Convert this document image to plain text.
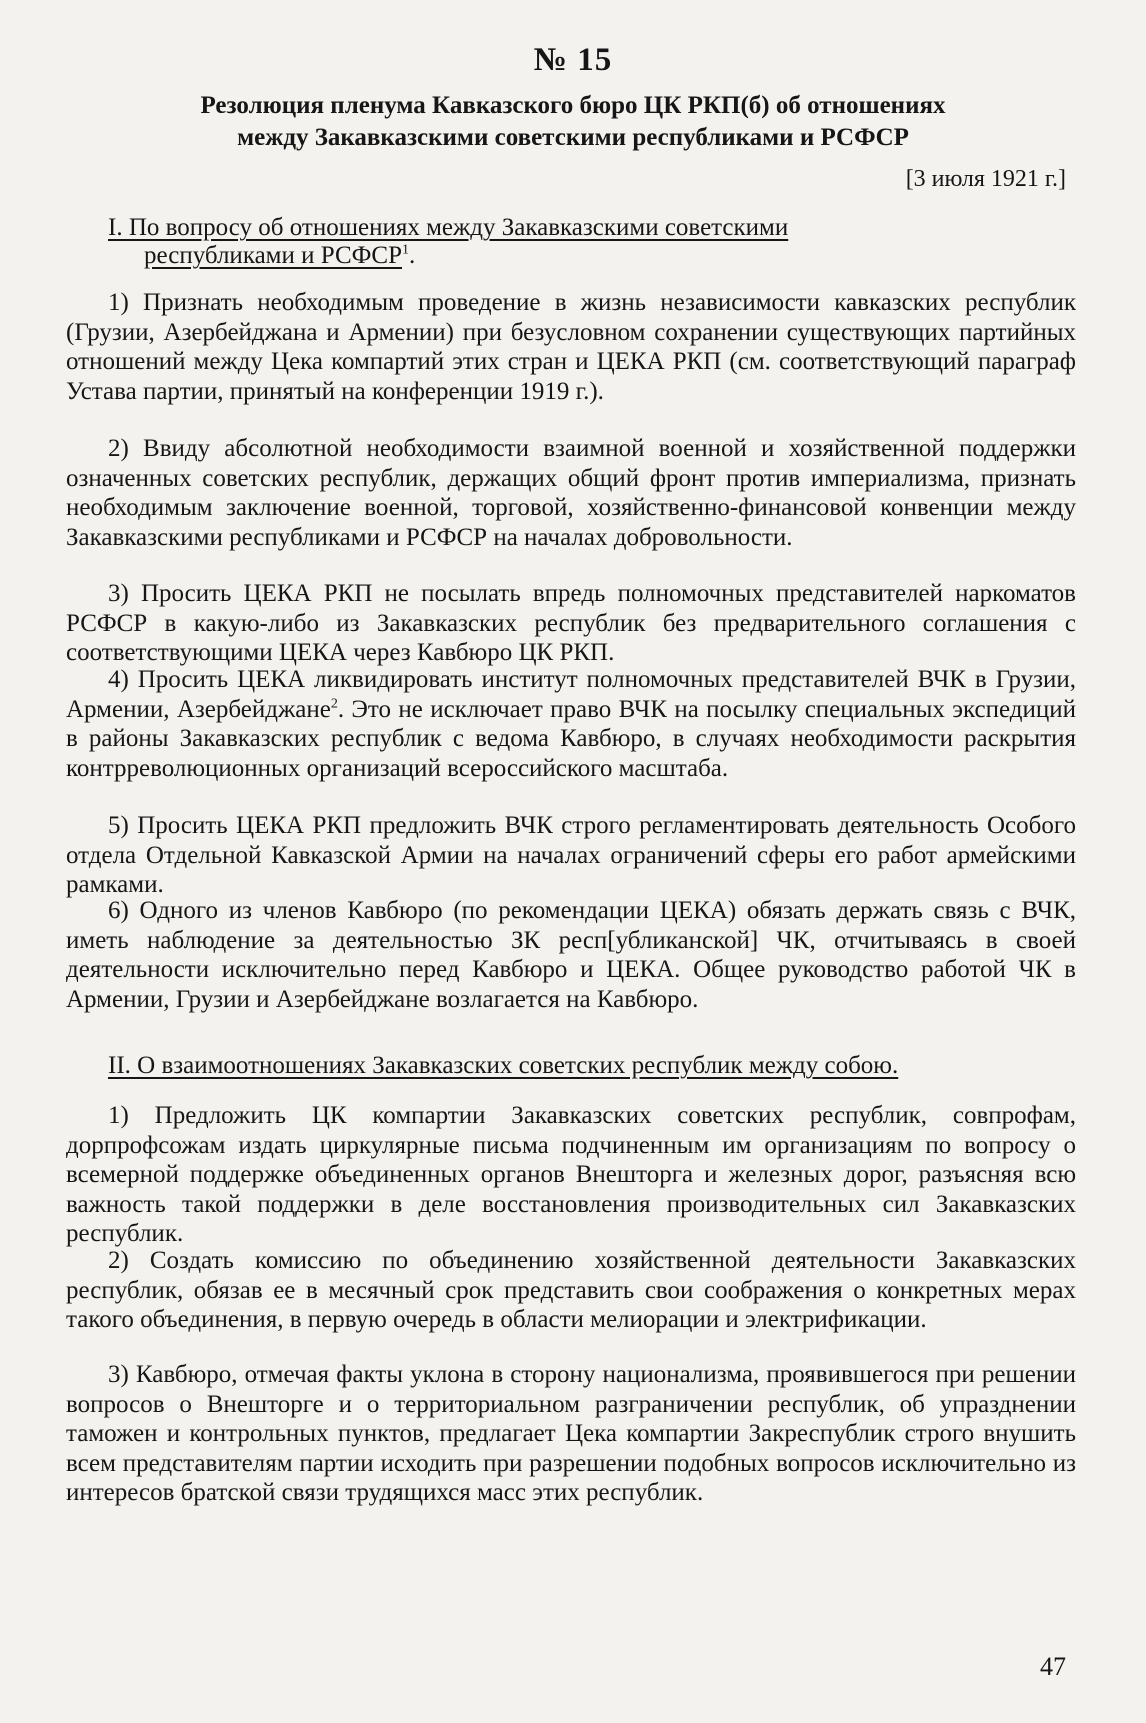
№ 15
Резолюция пленума Кавказского бюро ЦК РКП(б) об отношениях
между Закавказскими советскими республиками и РСФСР
[3 июля 1921 г.]
I. По вопросу об отношениях между Закавказскими советскими
республиками и РСФСР$^1$.

1) Признать необходимым проведение в жизнь независимости кавказских республик (Грузии, Азербейджана и Армении) при безусловном сохранении существующих партийных отношений между Цека компартий этих стран и ЦЕКА РКП (см. соответствующий параграф Устава партии, принятый на конференции 1919 г.).

2) Ввиду абсолютной необходимости взаимной военной и хозяйственной поддержки означенных советских республик, держащих общий фронт против империализма, признать необходимым заключение военной, торговой, хозяйственно-финансовой конвенции между Закавказскими республиками и РСФСР на началах добровольности.

3) Просить ЦЕКА РКП не посылать впредь полномочных представителей наркоматов РСФСР в какую-либо из Закавказских республик без предварительного соглашения с соответствующими ЦЕКА через Кавбюро ЦК РКП.

4) Просить ЦЕКА ликвидировать институт полномочных представителей ВЧК в Грузии, Армении, Азербейджане$^2$. Это не исключает право ВЧК на посылку специальных экспедиций в районы Закавказских республик с ведома Кавбюро, в случаях необходимости раскрытия контрреволюционных организаций всероссийского масштаба.

5) Просить ЦЕКА РКП предложить ВЧК строго регламентировать деятельность Особого отдела Отдельной Кавказской Армии на началах ограничений сферы его работ армейскими рамками.

6) Одного из членов Кавбюро (по рекомендации ЦЕКА) обязать держать связь с ВЧК, иметь наблюдение за деятельностью ЗК респ[убликанской] ЧК, отчитываясь в своей деятельности исключительно перед Кавбюро и ЦЕКА. Общее руководство работой ЧК в Армении, Грузии и Азербейджане возлагается на Кавбюро.

II. О взаимоотношениях Закавказских советских республик между собою.

1) Предложить ЦК компартии Закавказских советских республик, совпрофам, дорпрофсожам издать циркулярные письма подчиненным им организациям по вопросу о всемерной поддержке объединенных органов Внешторга и железных дорог, разъясняя всю важность такой поддержки в деле восстановления производительных сил Закавказских республик.

2) Создать комиссию по объединению хозяйственной деятельности Закавказских республик, обязав ее в месячный срок представить свои соображения о конкретных мерах такого объединения, в первую очередь в области мелиорации и электрификации.

3) Кавбюро, отмечая факты уклона в сторону национализма, проявившегося при решении вопросов о Внешторге и о территориальном разграничении республик, об упразднении таможен и контрольных пунктов, предлагает Цека компартии Закреспублик строго внушить всем представителям партии исходить при разрешении подобных вопросов исключительно из интересов братской связи трудящихся масс этих республик.

47
